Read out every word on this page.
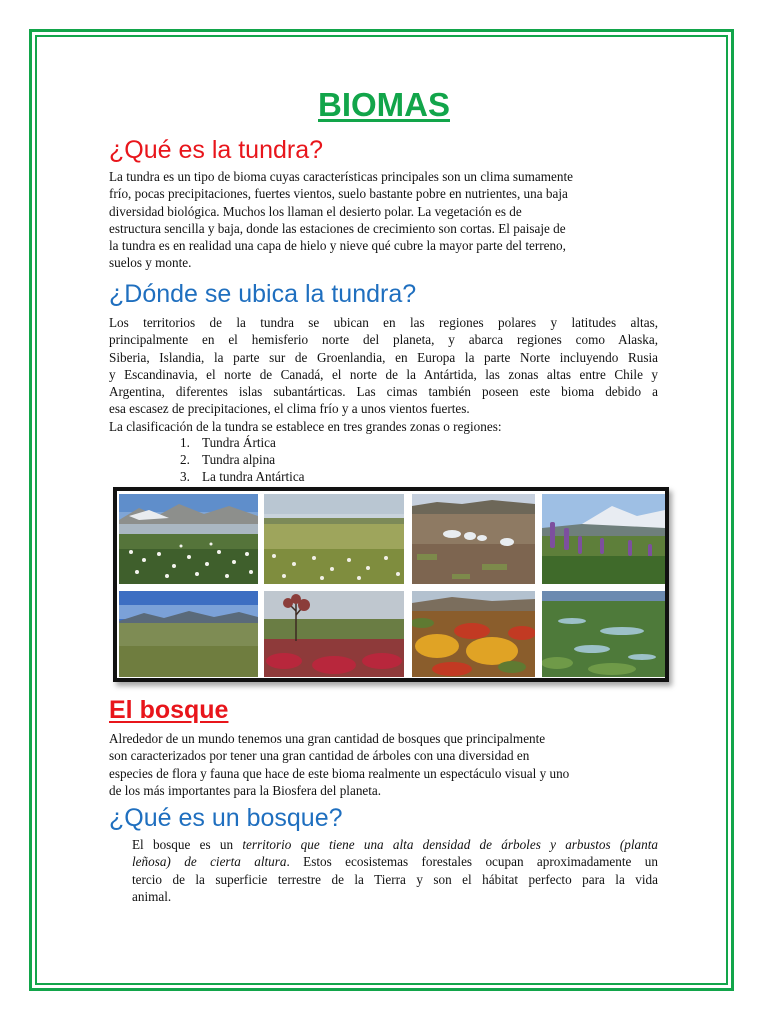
BIOMAS
¿Qué es la tundra?
La tundra es un tipo de bioma cuyas características principales son un clima sumamente
frío, pocas precipitaciones, fuertes vientos, suelo bastante pobre en nutrientes, una baja
diversidad biológica. Muchos los llaman el desierto polar. La vegetación es de
estructura sencilla y baja, donde las estaciones de crecimiento son cortas. El paisaje de
la tundra es en realidad una capa de hielo y nieve qué cubre la mayor parte del terreno,
suelos y monte.
¿Dónde se ubica la tundra?
Los territorios de la tundra se ubican en las regiones polares y latitudes altas,
principalmente en el hemisferio norte del planeta, y abarca regiones como Alaska,
Siberia, Islandia, la parte sur de Groenlandia, en Europa la parte Norte incluyendo Rusia
y Escandinavia, el norte de Canadá, el norte de la Antártida, las zonas altas entre Chile y
Argentina, diferentes islas subantárticas. Las cimas también poseen este bioma debido a
esa escasez de precipitaciones, el clima frío y a unos vientos fuertes.
La clasificación de la tundra se establece en tres grandes zonas o regiones:
1. Tundra Ártica
2. Tundra alpina
3. La tundra Antártica
El bosque
Alrededor de un mundo tenemos una gran cantidad de bosques que principalmente
son caracterizados por tener una gran cantidad de árboles con una diversidad en
especies de flora y fauna que hace de este bioma realmente un espectáculo visual y uno
de los más importantes para la Biosfera del planeta.
¿Qué es un bosque?
El bosque es un territorio que tiene una alta densidad de árboles y arbustos (planta
leñosa) de cierta altura. Estos ecosistemas forestales ocupan aproximadamente un
tercio de la superficie terrestre de la Tierra y son el hábitat perfecto para la vida
animal.
